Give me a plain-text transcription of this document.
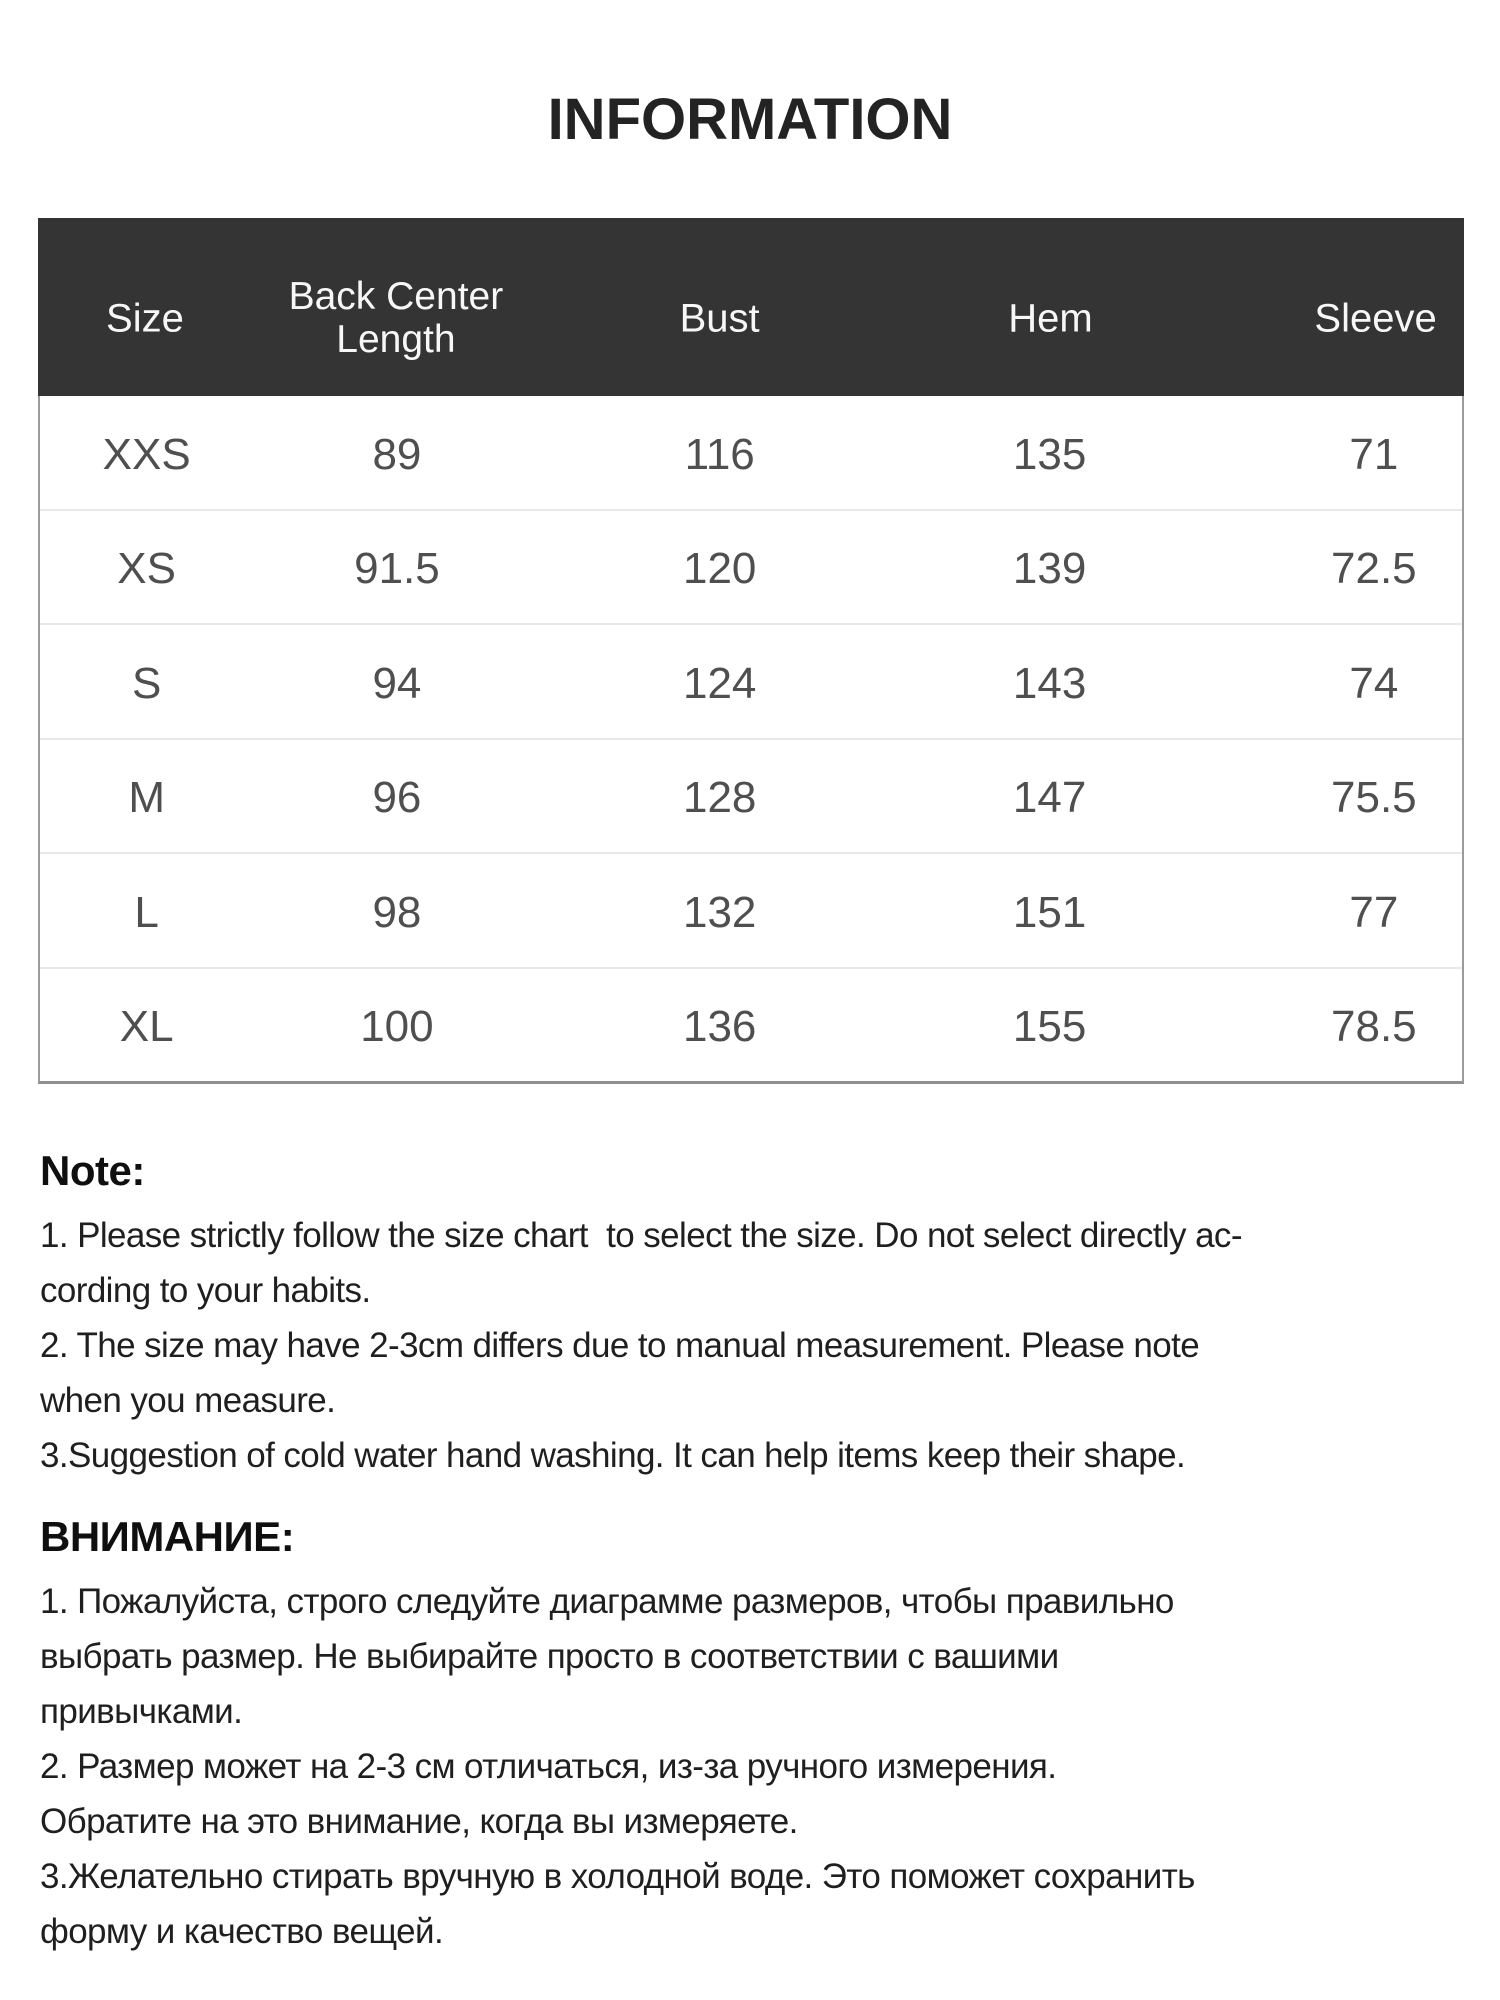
INFORMATION
Size	Back Center Length	Bust	Hem	Sleeve
XXS	89	116	135	71
XS	91.5	120	139	72.5
S	94	124	143	74
M	96	128	147	75.5
L	98	132	151	77
XL	100	136	155	78.5
Note:
1. Please strictly follow the size chart  to select the size. Do not select directly ac-
cording to your habits.
2. The size may have 2-3cm differs due to manual measurement. Please note
when you measure.
3.Suggestion of cold water hand washing. It can help items keep their shape.
ВНИМАНИЕ:
1. Пожалуйста, строго следуйте диаграмме размеров, чтобы правильно
выбрать размер. Не выбирайте просто в соответствии с вашими
привычками.
2. Размер может на 2-3 см отличаться, из-за ручного измерения.
Обратите на это внимание, когда вы измеряете.
3.Желательно стирать вручную в холодной воде. Это поможет сохранить
форму и качество вещей.
